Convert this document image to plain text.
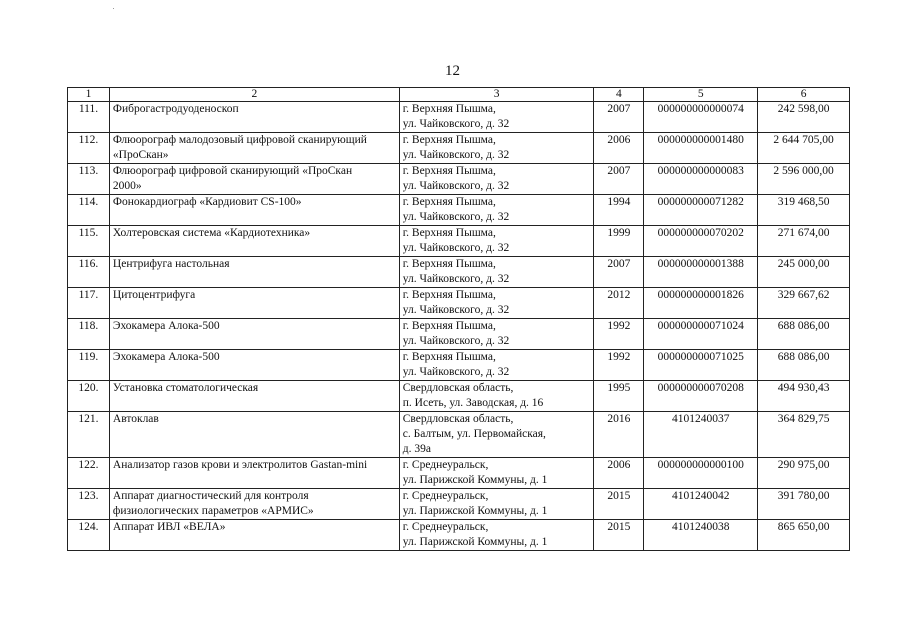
12
1	2	3	4	5	6
111.	Фиброгастродуоденоскоп	г. Верхняя Пышма,
ул. Чайковского, д. 32	2007	000000000000074	242 598,00
112.	Флюорограф малодозовый цифровой сканирующий
«ПроСкан»	г. Верхняя Пышма,
ул. Чайковского, д. 32	2006	000000000001480	2 644 705,00
113.	Флюорограф цифровой сканирующий «ПроСкан
2000»	г. Верхняя Пышма,
ул. Чайковского, д. 32	2007	000000000000083	2 596 000,00
114.	Фонокардиограф «Кардиовит CS-100»	г. Верхняя Пышма,
ул. Чайковского, д. 32	1994	000000000071282	319 468,50
115.	Холтеровская система «Кардиотехника»	г. Верхняя Пышма,
ул. Чайковского, д. 32	1999	000000000070202	271 674,00
116.	Центрифуга настольная	г. Верхняя Пышма,
ул. Чайковского, д. 32	2007	000000000001388	245 000,00
117.	Цитоцентрифуга	г. Верхняя Пышма,
ул. Чайковского, д. 32	2012	000000000001826	329 667,62
118.	Эхокамера Алока-500	г. Верхняя Пышма,
ул. Чайковского, д. 32	1992	000000000071024	688 086,00
119.	Эхокамера Алока-500	г. Верхняя Пышма,
ул. Чайковского, д. 32	1992	000000000071025	688 086,00
120.	Установка стоматологическая	Свердловская область,
п. Исеть, ул. Заводская, д. 16	1995	000000000070208	494 930,43
121.	Автоклав	Свердловская область,
с. Балтым, ул. Первомайская,
д. 39а	2016	4101240037	364 829,75
122.	Анализатор газов крови и электролитов Gastan-mini	г. Среднеуральск,
ул. Парижской Коммуны, д. 1	2006	000000000000100	290 975,00
123.	Аппарат диагностический для контроля
физиологических параметров «АРМИС»	г. Среднеуральск,
ул. Парижской Коммуны, д. 1	2015	4101240042	391 780,00
124.	Аппарат ИВЛ «ВЕЛА»	г. Среднеуральск,
ул. Парижской Коммуны, д. 1	2015	4101240038	865 650,00
